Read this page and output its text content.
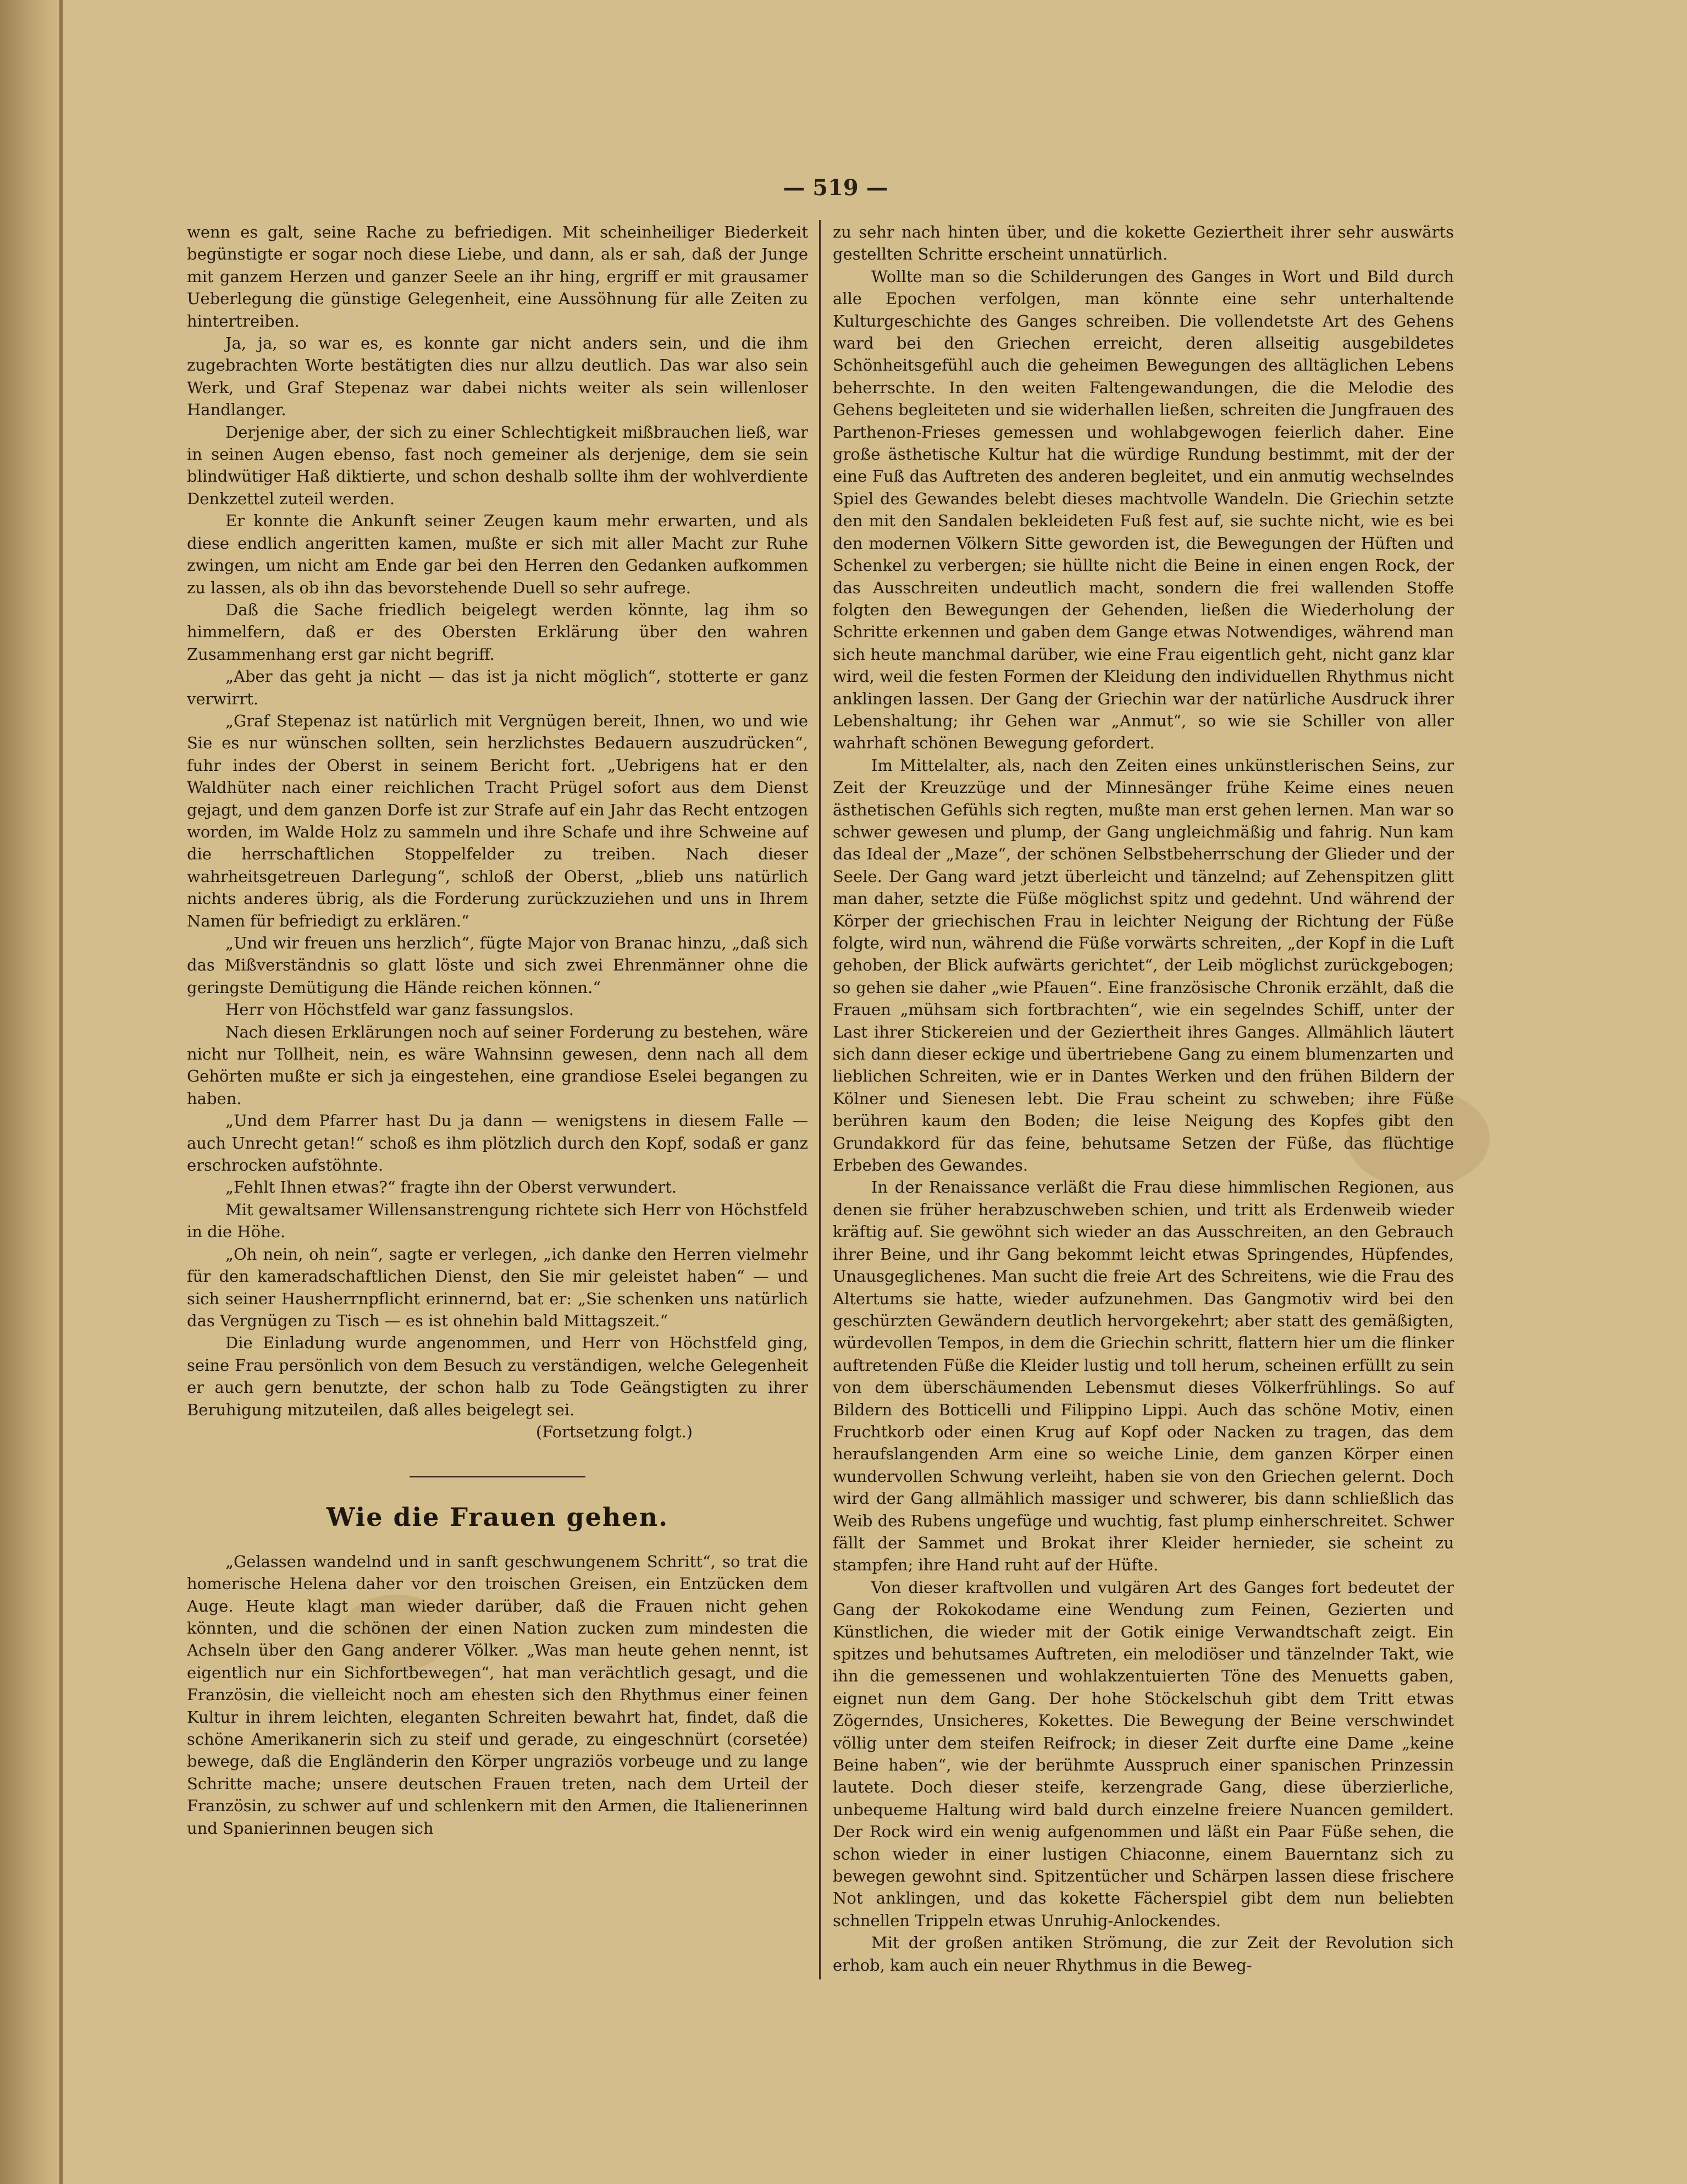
— 519 —

wenn es galt, seine Rache zu befriedigen. Mit scheinheiliger Biederkeit begünstigte er sogar noch diese Liebe, und dann, als er sah, daß der Junge mit ganzem Herzen und ganzer Seele an ihr hing, ergriff er mit grausamer Ueberlegung die günstige Gelegenheit, eine Aussöhnung für alle Zeiten zu hintertreiben.

Ja, ja, so war es, es konnte gar nicht anders sein, und die ihm zugebrachten Worte bestätigten dies nur allzu deutlich. Das war also sein Werk, und Graf Stepenaz war dabei nichts weiter als sein willenloser Handlanger.

Derjenige aber, der sich zu einer Schlechtigkeit mißbrauchen ließ, war in seinen Augen ebenso, fast noch gemeiner als derjenige, dem sie sein blindwütiger Haß diktierte, und schon deshalb sollte ihm der wohlverdiente Denkzettel zuteil werden.

Er konnte die Ankunft seiner Zeugen kaum mehr erwarten, und als diese endlich angeritten kamen, mußte er sich mit aller Macht zur Ruhe zwingen, um nicht am Ende gar bei den Herren den Gedanken aufkommen zu lassen, als ob ihn das bevorstehende Duell so sehr aufrege.

Daß die Sache friedlich beigelegt werden könnte, lag ihm so himmelfern, daß er des Obersten Erklärung über den wahren Zusammenhang erst gar nicht begriff.

„Aber das geht ja nicht — das ist ja nicht möglich“, stotterte er ganz verwirrt.

„Graf Stepenaz ist natürlich mit Vergnügen bereit, Ihnen, wo und wie Sie es nur wünschen sollten, sein herzlichstes Bedauern auszudrücken“, fuhr indes der Oberst in seinem Bericht fort. „Uebrigens hat er den Waldhüter nach einer reichlichen Tracht Prügel sofort aus dem Dienst gejagt, und dem ganzen Dorfe ist zur Strafe auf ein Jahr das Recht entzogen worden, im Walde Holz zu sammeln und ihre Schafe und ihre Schweine auf die herrschaftlichen Stoppelfelder zu treiben. Nach dieser wahrheitsgetreuen Darlegung“, schloß der Oberst, „blieb uns natürlich nichts anderes übrig, als die Forderung zurückzuziehen und uns in Ihrem Namen für befriedigt zu erklären.“

„Und wir freuen uns herzlich“, fügte Major von Branac hinzu, „daß sich das Mißverständnis so glatt löste und sich zwei Ehrenmänner ohne die geringste Demütigung die Hände reichen können.“

Herr von Höchstfeld war ganz fassungslos.

Nach diesen Erklärungen noch auf seiner Forderung zu bestehen, wäre nicht nur Tollheit, nein, es wäre Wahnsinn gewesen, denn nach all dem Gehörten mußte er sich ja eingestehen, eine grandiose Eselei begangen zu haben.

„Und dem Pfarrer hast Du ja dann — wenigstens in diesem Falle — auch Unrecht getan!“ schoß es ihm plötzlich durch den Kopf, sodaß er ganz erschrocken aufstöhnte.

„Fehlt Ihnen etwas?“ fragte ihn der Oberst verwundert.

Mit gewaltsamer Willensanstrengung richtete sich Herr von Höchstfeld in die Höhe.

„Oh nein, oh nein“, sagte er verlegen, „ich danke den Herren vielmehr für den kameradschaftlichen Dienst, den Sie mir geleistet haben“ — und sich seiner Hausherrnpflicht erinnernd, bat er: „Sie schenken uns natürlich das Vergnügen zu Tisch — es ist ohnehin bald Mittagszeit.“

Die Einladung wurde angenommen, und Herr von Höchstfeld ging, seine Frau persönlich von dem Besuch zu verständigen, welche Gelegenheit er auch gern benutzte, der schon halb zu Tode Geängstigten zu ihrer Beruhigung mitzuteilen, daß alles beigelegt sei.

(Fortsetzung folgt.)

Wie die Frauen gehen.

„Gelassen wandelnd und in sanft geschwungenem Schritt“, so trat die homerische Helena daher vor den troischen Greisen, ein Entzücken dem Auge. Heute klagt man wieder darüber, daß die Frauen nicht gehen könnten, und die schönen der einen Nation zucken zum mindesten die Achseln über den Gang anderer Völker. „Was man heute gehen nennt, ist eigentlich nur ein Sichfortbewegen“, hat man verächtlich gesagt, und die Französin, die vielleicht noch am ehesten sich den Rhythmus einer feinen Kultur in ihrem leichten, eleganten Schreiten bewahrt hat, findet, daß die schöne Amerikanerin sich zu steif und gerade, zu eingeschnürt (corsetée) bewege, daß die Engländerin den Körper ungraziös vorbeuge und zu lange Schritte mache; unsere deutschen Frauen treten, nach dem Urteil der Französin, zu schwer auf und schlenkern mit den Armen, die Italienerinnen und Spanierinnen beugen sich

zu sehr nach hinten über, und die kokette Geziertheit ihrer sehr auswärts gestellten Schritte erscheint unnatürlich.

Wollte man so die Schilderungen des Ganges in Wort und Bild durch alle Epochen verfolgen, man könnte eine sehr unterhaltende Kulturgeschichte des Ganges schreiben. Die vollendetste Art des Gehens ward bei den Griechen erreicht, deren allseitig ausgebildetes Schönheitsgefühl auch die geheimen Bewegungen des alltäglichen Lebens beherrschte. In den weiten Faltengewandungen, die die Melodie des Gehens begleiteten und sie widerhallen ließen, schreiten die Jungfrauen des Parthenon-Frieses gemessen und wohlabgewogen feierlich daher. Eine große ästhetische Kultur hat die würdige Rundung bestimmt, mit der der eine Fuß das Auftreten des anderen begleitet, und ein anmutig wechselndes Spiel des Gewandes belebt dieses machtvolle Wandeln. Die Griechin setzte den mit den Sandalen bekleideten Fuß fest auf, sie suchte nicht, wie es bei den modernen Völkern Sitte geworden ist, die Bewegungen der Hüften und Schenkel zu verbergen; sie hüllte nicht die Beine in einen engen Rock, der das Ausschreiten undeutlich macht, sondern die frei wallenden Stoffe folgten den Bewegungen der Gehenden, ließen die Wiederholung der Schritte erkennen und gaben dem Gange etwas Notwendiges, während man sich heute manchmal darüber, wie eine Frau eigentlich geht, nicht ganz klar wird, weil die festen Formen der Kleidung den individuellen Rhythmus nicht anklingen lassen. Der Gang der Griechin war der natürliche Ausdruck ihrer Lebenshaltung; ihr Gehen war „Anmut“, so wie sie Schiller von aller wahrhaft schönen Bewegung gefordert.

Im Mittelalter, als, nach den Zeiten eines unkünstlerischen Seins, zur Zeit der Kreuzzüge und der Minnesänger frühe Keime eines neuen ästhetischen Gefühls sich regten, mußte man erst gehen lernen. Man war so schwer gewesen und plump, der Gang ungleichmäßig und fahrig. Nun kam das Ideal der „Maze“, der schönen Selbstbeherrschung der Glieder und der Seele. Der Gang ward jetzt überleicht und tänzelnd; auf Zehenspitzen glitt man daher, setzte die Füße möglichst spitz und gedehnt. Und während der Körper der griechischen Frau in leichter Neigung der Richtung der Füße folgte, wird nun, während die Füße vorwärts schreiten, „der Kopf in die Luft gehoben, der Blick aufwärts gerichtet“, der Leib möglichst zurückgebogen; so gehen sie daher „wie Pfauen“. Eine französische Chronik erzählt, daß die Frauen „mühsam sich fortbrachten“, wie ein segelndes Schiff, unter der Last ihrer Stickereien und der Geziertheit ihres Ganges. Allmählich läutert sich dann dieser eckige und übertriebene Gang zu einem blumenzarten und lieblichen Schreiten, wie er in Dantes Werken und den frühen Bildern der Kölner und Sienesen lebt. Die Frau scheint zu schweben; ihre Füße berühren kaum den Boden; die leise Neigung des Kopfes gibt den Grundakkord für das feine, behutsame Setzen der Füße, das flüchtige Erbeben des Gewandes.

In der Renaissance verläßt die Frau diese himmlischen Regionen, aus denen sie früher herabzuschweben schien, und tritt als Erdenweib wieder kräftig auf. Sie gewöhnt sich wieder an das Ausschreiten, an den Gebrauch ihrer Beine, und ihr Gang bekommt leicht etwas Springendes, Hüpfendes, Unausgeglichenes. Man sucht die freie Art des Schreitens, wie die Frau des Altertums sie hatte, wieder aufzunehmen. Das Gangmotiv wird bei den geschürzten Gewändern deutlich hervorgekehrt; aber statt des gemäßigten, würdevollen Tempos, in dem die Griechin schritt, flattern hier um die flinker auftretenden Füße die Kleider lustig und toll herum, scheinen erfüllt zu sein von dem überschäumenden Lebensmut dieses Völkerfrühlings. So auf Bildern des Botticelli und Filippino Lippi. Auch das schöne Motiv, einen Fruchtkorb oder einen Krug auf Kopf oder Nacken zu tragen, das dem heraufslangenden Arm eine so weiche Linie, dem ganzen Körper einen wundervollen Schwung verleiht, haben sie von den Griechen gelernt. Doch wird der Gang allmählich massiger und schwerer, bis dann schließlich das Weib des Rubens ungefüge und wuchtig, fast plump einherschreitet. Schwer fällt der Sammet und Brokat ihrer Kleider hernieder, sie scheint zu stampfen; ihre Hand ruht auf der Hüfte.

Von dieser kraftvollen und vulgären Art des Ganges fort bedeutet der Gang der Rokokodame eine Wendung zum Feinen, Gezierten und Künstlichen, die wieder mit der Gotik einige Verwandtschaft zeigt. Ein spitzes und behutsames Auftreten, ein melodiöser und tänzelnder Takt, wie ihn die gemessenen und wohlakzentuierten Töne des Menuetts gaben, eignet nun dem Gang. Der hohe Stöckelschuh gibt dem Tritt etwas Zögerndes, Unsicheres, Kokettes. Die Bewegung der Beine verschwindet völlig unter dem steifen Reifrock; in dieser Zeit durfte eine Dame „keine Beine haben“, wie der berühmte Ausspruch einer spanischen Prinzessin lautete. Doch dieser steife, kerzengrade Gang, diese überzierliche, unbequeme Haltung wird bald durch einzelne freiere Nuancen gemildert. Der Rock wird ein wenig aufgenommen und läßt ein Paar Füße sehen, die schon wieder in einer lustigen Chiaconne, einem Bauerntanz sich zu bewegen gewohnt sind. Spitzentücher und Schärpen lassen diese frischere Not anklingen, und das kokette Fächerspiel gibt dem nun beliebten schnellen Trippeln etwas Unruhig-Anlockendes.

Mit der großen antiken Strömung, die zur Zeit der Revolution sich erhob, kam auch ein neuer Rhythmus in die Beweg-
